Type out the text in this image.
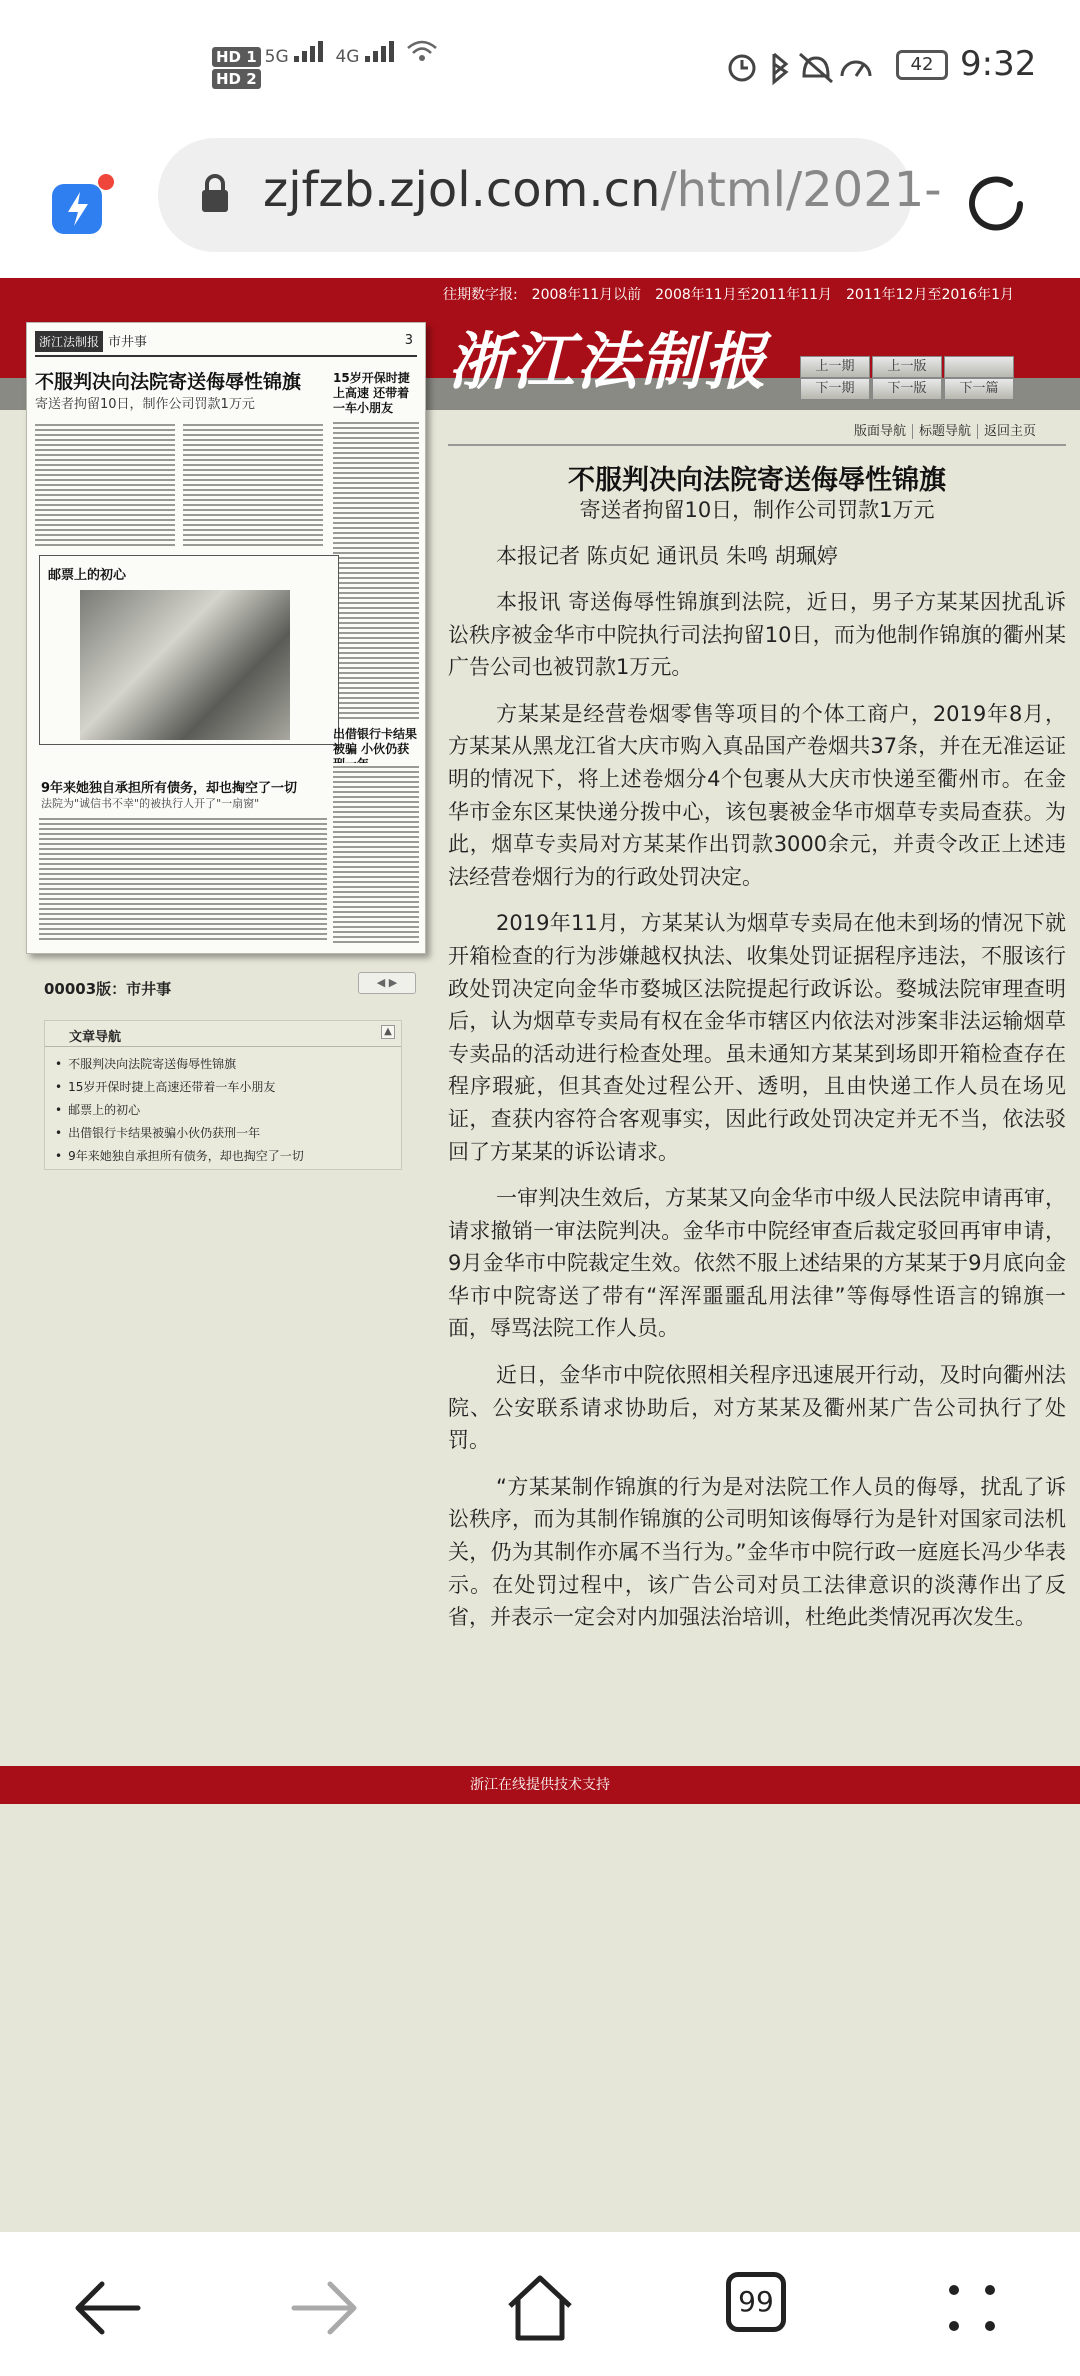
HD 1 5G	4G
HD 2
42 9:32
zjfzb.zjol.com.cn/html/2021-
往期数字报: 2008年11月以前 2008年11月至2011年11月 2011年12月至2016年1月
浙江法制报	上一期	上一版
下一期	下一版	下一篇
浙江法制报 市井事	3
不服判决向法院寄送侮辱性锦旗
寄送者拘留10日，制作公司罚款1万元
15岁开保时捷上高速 还带着一车小朋友
邮票上的初心
出借银行卡结果被骗 小伙仍获
9年来她独自承担所有债务，却也掏空了一切
法院为"诚信书不幸"的被执行人开了"一扇窗"
00003版：市井事	◀ ▶
文章导航	▲
• 不服判决向法院寄送侮辱性锦旗
• 15岁开保时捷上高速还带着一车小朋友
• 邮票上的初心
• 出借银行卡结果被骗小伙仍获刑一年
• 9年来她独自承担所有债务，却也掏空了一切
版面导航 标题导航 返回主页
不服判决向法院寄送侮辱性锦旗
寄送者拘留10日，制作公司罚款1万元
本报记者 陈贞妃 通讯员 朱鸣 胡珮婷

本报讯 寄送侮辱性锦旗到法院，近日，男子方某某因扰乱诉讼秩序被金华市中院执行司法拘留10日，而为他制作锦旗的衢州某广告公司也被罚款1万元。

方某某是经营卷烟零售等项目的个体工商户，2019年8月，方某某从黑龙江省大庆市购入真品国产卷烟共37条，并在无准运证明的情况下，将上述卷烟分4个包裹从大庆市快递至衢州市。在金华市金东区某快递分拨中心，该包裹被金华市烟草专卖局查获。为此，烟草专卖局对方某某作出罚款3000余元，并责令改正上述违法经营卷烟行为的行政处罚决定。

2019年11月，方某某认为烟草专卖局在他未到场的情况下就开箱检查的行为涉嫌越权执法、收集处罚证据程序违法，不服该行政处罚决定向金华市婺城区法院提起行政诉讼。婺城法院审理查明后，认为烟草专卖局有权在金华市辖区内依法对涉案非法运输烟草专卖品的活动进行检查处理。虽未通知方某某到场即开箱检查存在程序瑕疵，但其查处过程公开、透明，且由快递工作人员在场见证，查获内容符合客观事实，因此行政处罚决定并无不当，依法驳回了方某某的诉讼请求。

一审判决生效后，方某某又向金华市中级人民法院申请再审，请求撤销一审法院判决。金华市中院经审查后裁定驳回再审申请，9月金华市中院裁定生效。依然不服上述结果的方某某于9月底向金华市中院寄送了带有“浑浑噩噩乱用法律”等侮辱性语言的锦旗一面，辱骂法院工作人员。

近日，金华市中院依照相关程序迅速展开行动，及时向衢州法院、公安联系请求协助后，对方某某及衢州某广告公司执行了处罚。

“方某某制作锦旗的行为是对法院工作人员的侮辱，扰乱了诉讼秩序，而为其制作锦旗的公司明知该侮辱行为是针对国家司法机关，仍为其制作亦属不当行为。”金华市中院行政一庭庭长冯少华表示。在处罚过程中，该广告公司对员工法律意识的淡薄作出了反省，并表示一定会对内加强法治培训，杜绝此类情况再次发生。

浙江在线提供技术支持
99
